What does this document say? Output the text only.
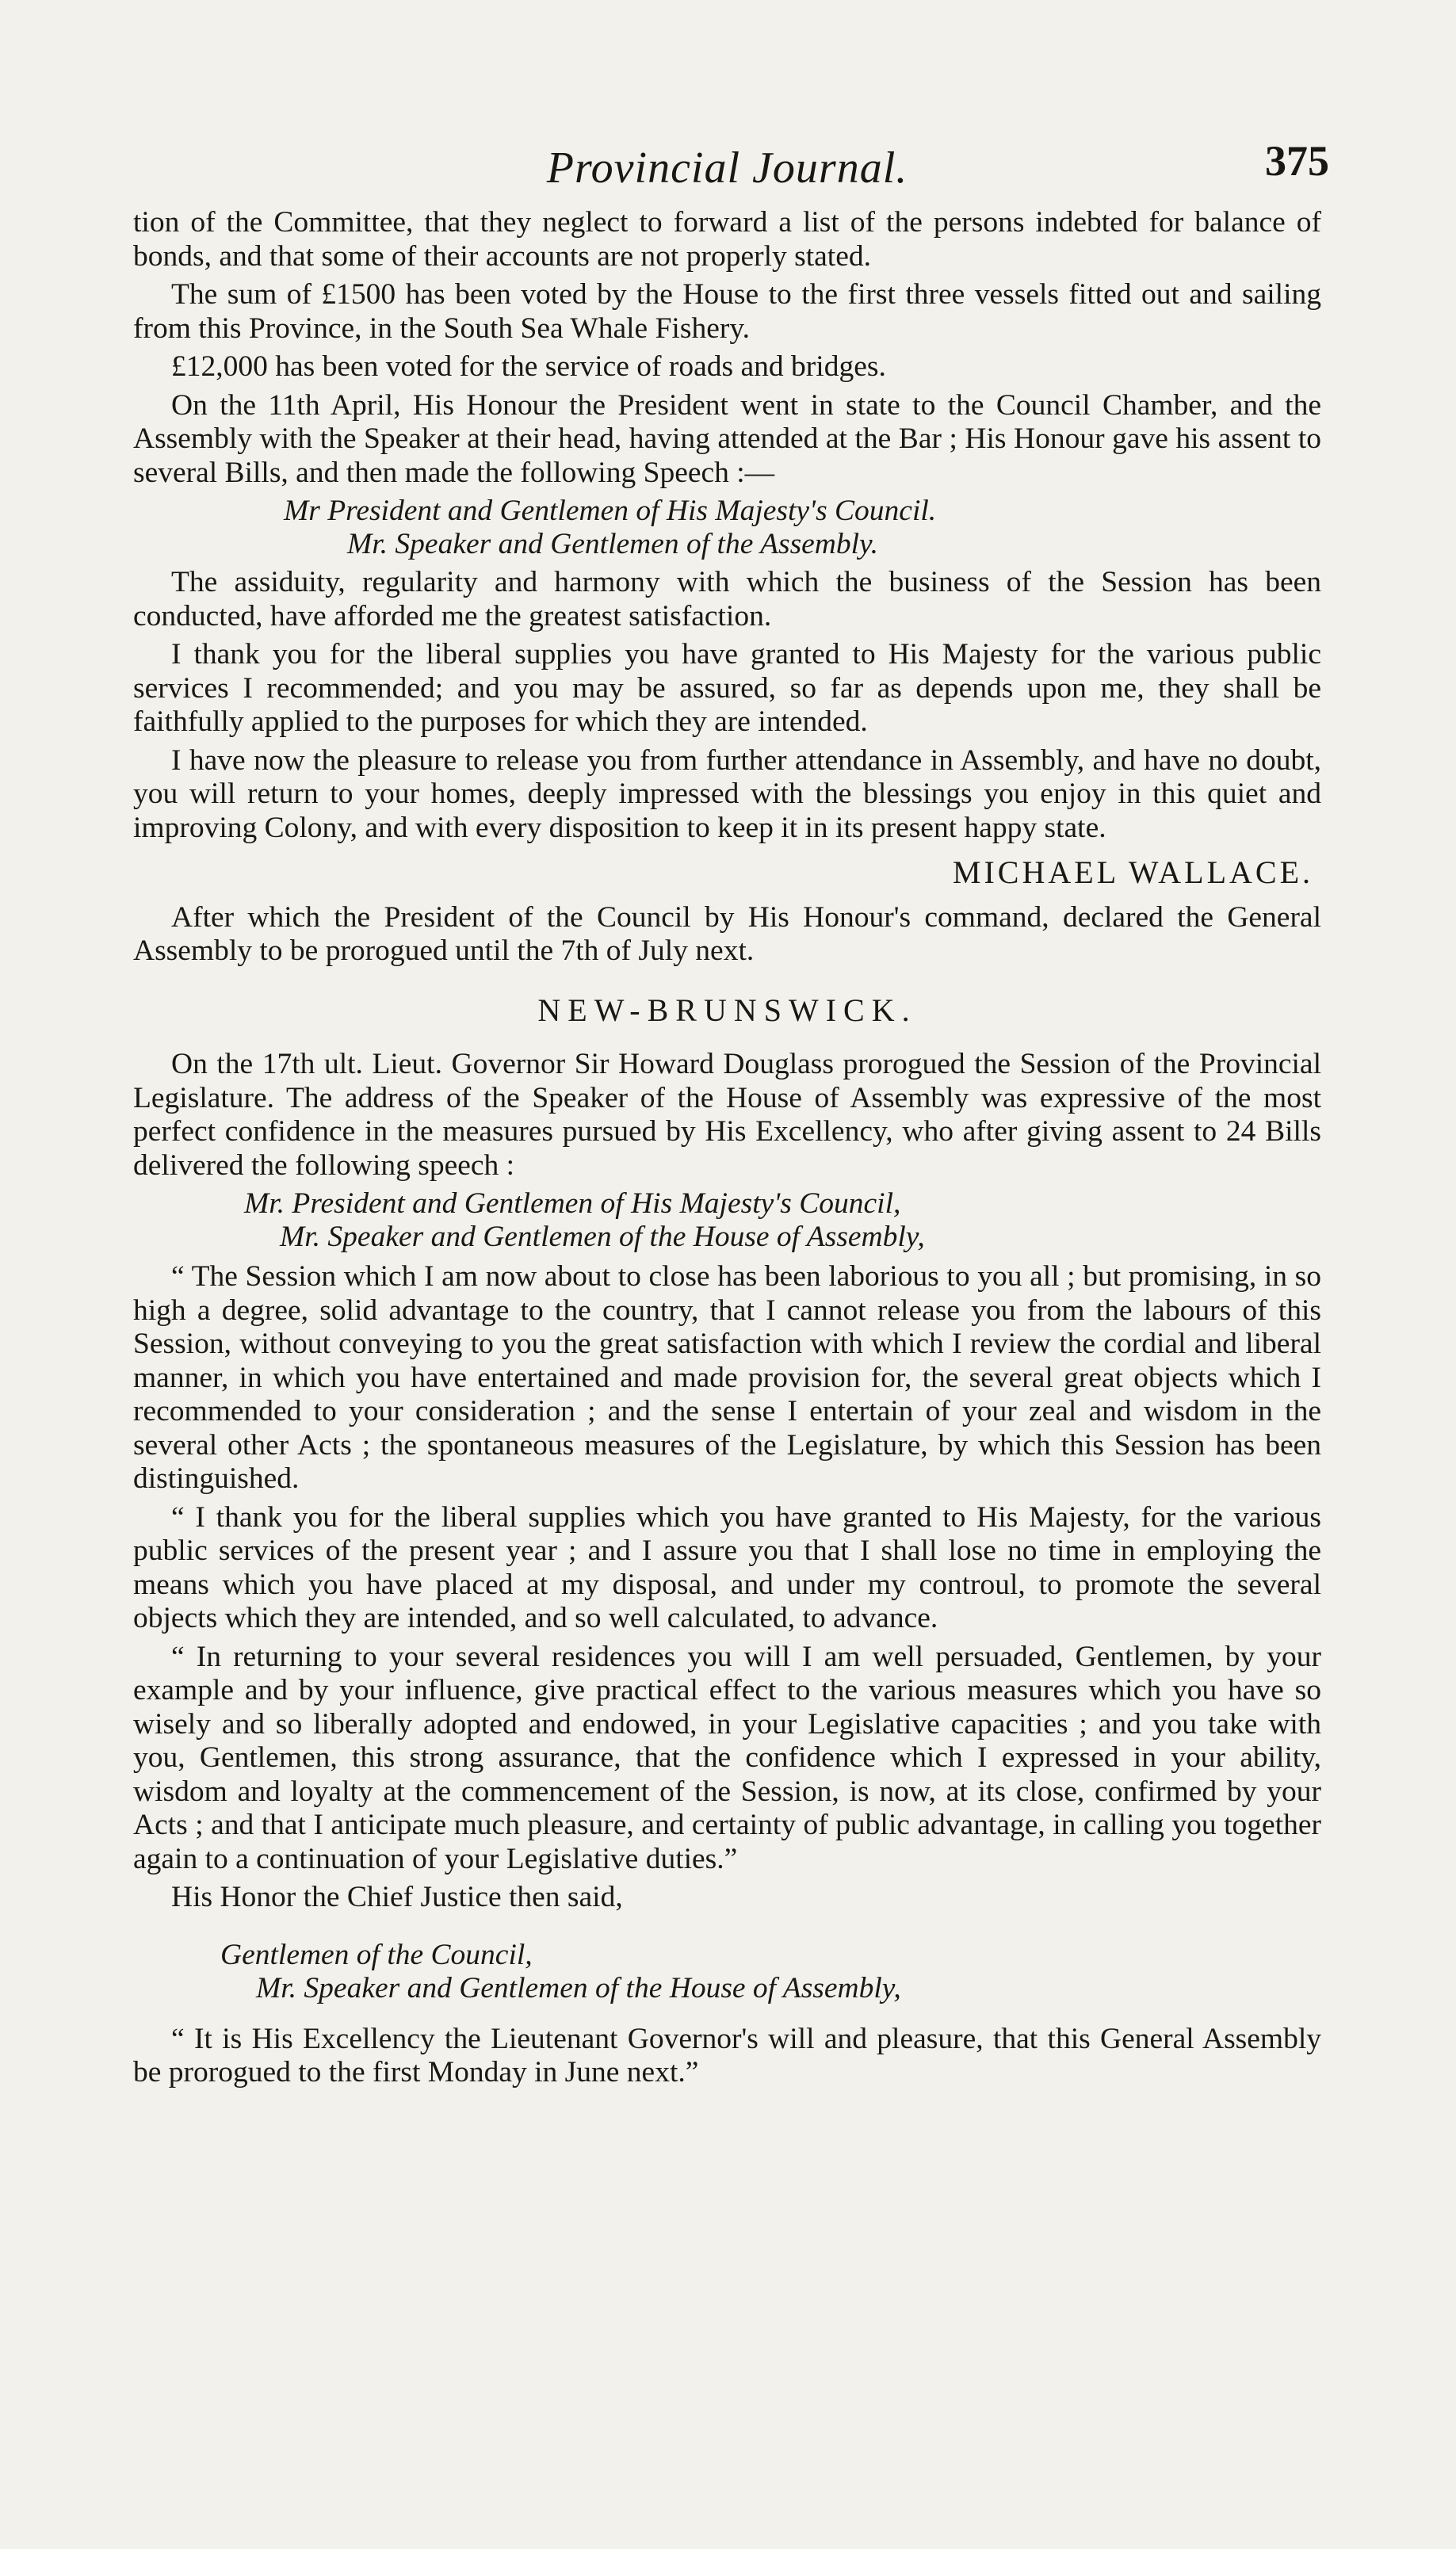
Provincial Journal.	375

tion of the Committee, that they neglect to forward a list of the persons indebted for balance of bonds, and that some of their accounts are not properly stated.

The sum of £1500 has been voted by the House to the first three vessels fitted out and sailing from this Province, in the South Sea Whale Fishery.

£12,000 has been voted for the service of roads and bridges.

On the 11th April, His Honour the President went in state to the Council Chamber, and the Assembly with the Speaker at their head, having attended at the Bar ; His Honour gave his assent to several Bills, and then made the following Speech :—

Mr President and Gentlemen of His Majesty's Council.

Mr. Speaker and Gentlemen of the Assembly.

The assiduity, regularity and harmony with which the business of the Session has been conducted, have afforded me the greatest satisfaction.

I thank you for the liberal supplies you have granted to His Majesty for the various public services I recommended; and you may be assured, so far as depends upon me, they shall be faithfully applied to the purposes for which they are intended.

I have now the pleasure to release you from further attendance in Assembly, and have no doubt, you will return to your homes, deeply impressed with the blessings you enjoy in this quiet and improving Colony, and with every disposition to keep it in its present happy state.

MICHAEL WALLACE.

After which the President of the Council by His Honour's command, declared the General Assembly to be prorogued until the 7th of July next.

NEW-BRUNSWICK.

On the 17th ult. Lieut. Governor Sir Howard Douglass prorogued the Session of the Provincial Legislature. The address of the Speaker of the House of Assembly was expressive of the most perfect confidence in the measures pursued by His Excellency, who after giving assent to 24 Bills delivered the following speech :

Mr. President and Gentlemen of His Majesty's Council,

Mr. Speaker and Gentlemen of the House of Assembly,

“ The Session which I am now about to close has been laborious to you all ; but promising, in so high a degree, solid advantage to the country, that I cannot release you from the labours of this Session, without conveying to you the great satisfaction with which I review the cordial and liberal manner, in which you have entertained and made provision for, the several great objects which I recommended to your consideration ; and the sense I entertain of your zeal and wisdom in the several other Acts ; the spontaneous measures of the Legislature, by which this Session has been distinguished.

“ I thank you for the liberal supplies which you have granted to His Majesty, for the various public services of the present year ; and I assure you that I shall lose no time in employing the means which you have placed at my disposal, and under my controul, to promote the several objects which they are intended, and so well calculated, to advance.

“ In returning to your several residences you will I am well persuaded, Gentlemen, by your example and by your influence, give practical effect to the various measures which you have so wisely and so liberally adopted and endowed, in your Legislative capacities ; and you take with you, Gentlemen, this strong assurance, that the confidence which I expressed in your ability, wisdom and loyalty at the commencement of the Session, is now, at its close, confirmed by your Acts ; and that I anticipate much pleasure, and certainty of public advantage, in calling you together again to a continuation of your Legislative duties.”

His Honor the Chief Justice then said,

Gentlemen of the Council,

Mr. Speaker and Gentlemen of the House of Assembly,

“ It is His Excellency the Lieutenant Governor's will and pleasure, that this General Assembly be prorogued to the first Monday in June next.”
